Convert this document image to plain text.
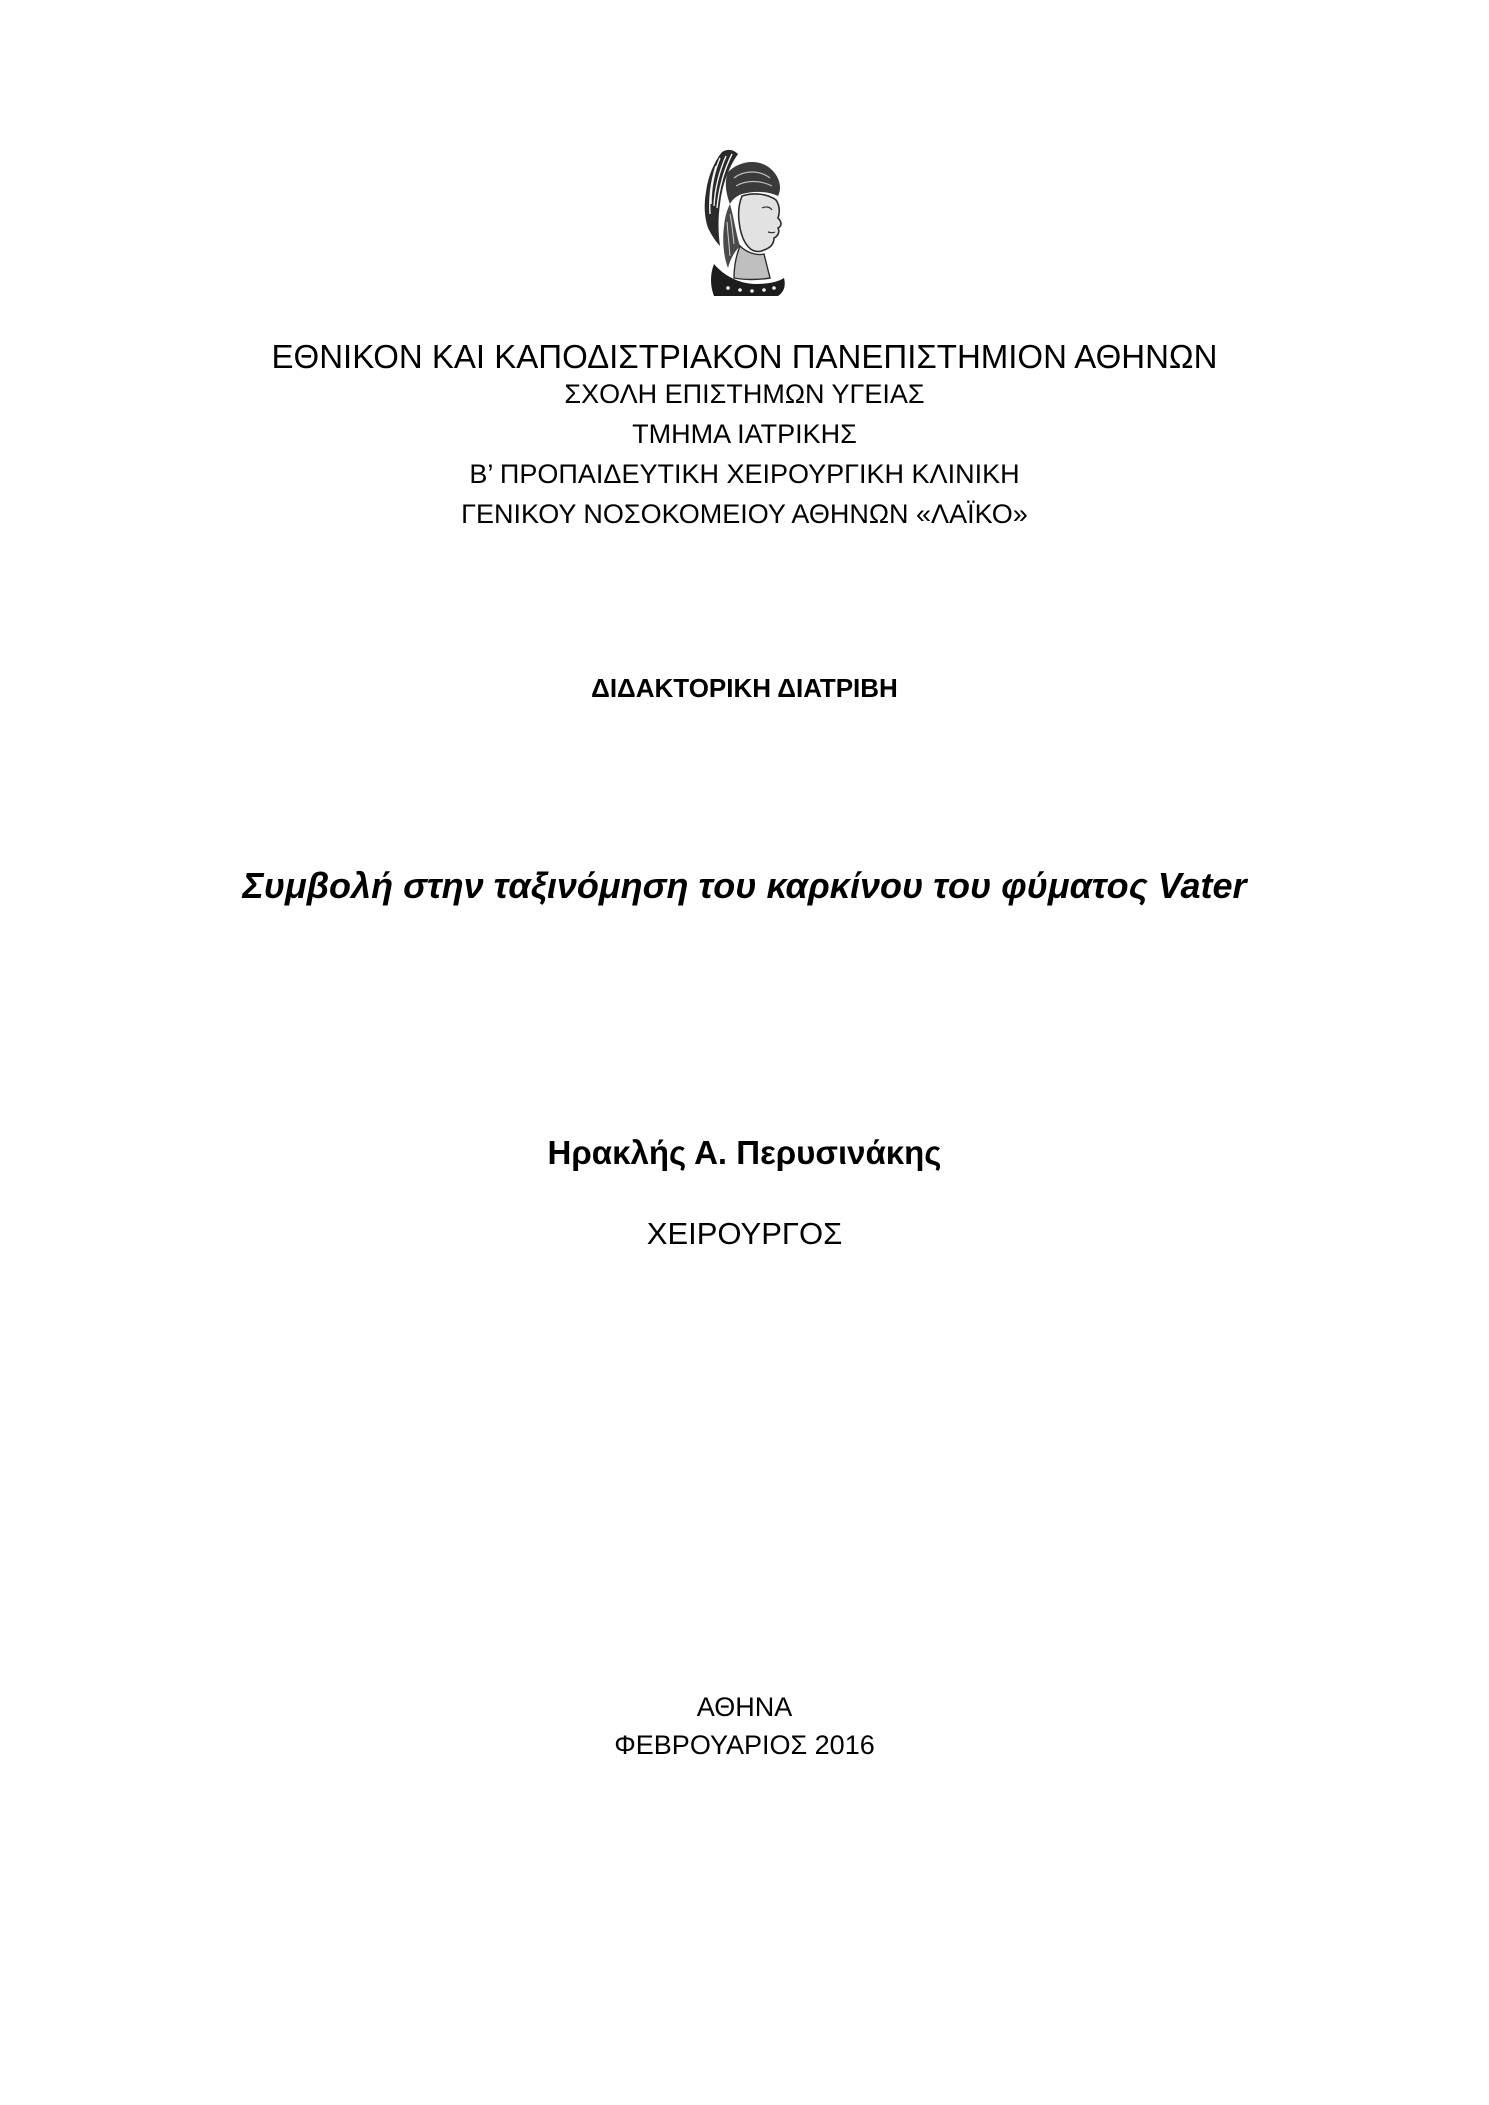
ΕΘΝΙΚΟΝ ΚΑΙ ΚΑΠΟΔΙΣΤΡΙΑΚΟΝ ΠΑΝΕΠΙΣΤΗΜΙΟΝ ΑΘΗΝΩΝ
ΣΧΟΛΗ ΕΠΙΣΤΗΜΩΝ ΥΓΕΙΑΣ
ΤΜΗΜΑ ΙΑΤΡΙΚΗΣ
Β’ ΠΡΟΠΑΙΔΕΥΤΙΚΗ ΧΕΙΡΟΥΡΓΙΚΗ ΚΛΙΝΙΚΗ
ΓΕΝΙΚΟΥ ΝΟΣΟΚΟΜΕΙΟΥ ΑΘΗΝΩΝ «ΛΑΪΚΟ»
ΔΙΔΑΚΤΟΡΙΚΗ ΔΙΑΤΡΙΒΗ
Συμβολή στην ταξινόμηση του καρκίνου του φύματος Vater
Ηρακλής Α. Περυσινάκης
ΧΕΙΡΟΥΡΓΟΣ
ΑΘΗΝΑ
ΦΕΒΡΟΥΑΡΙΟΣ 2016
